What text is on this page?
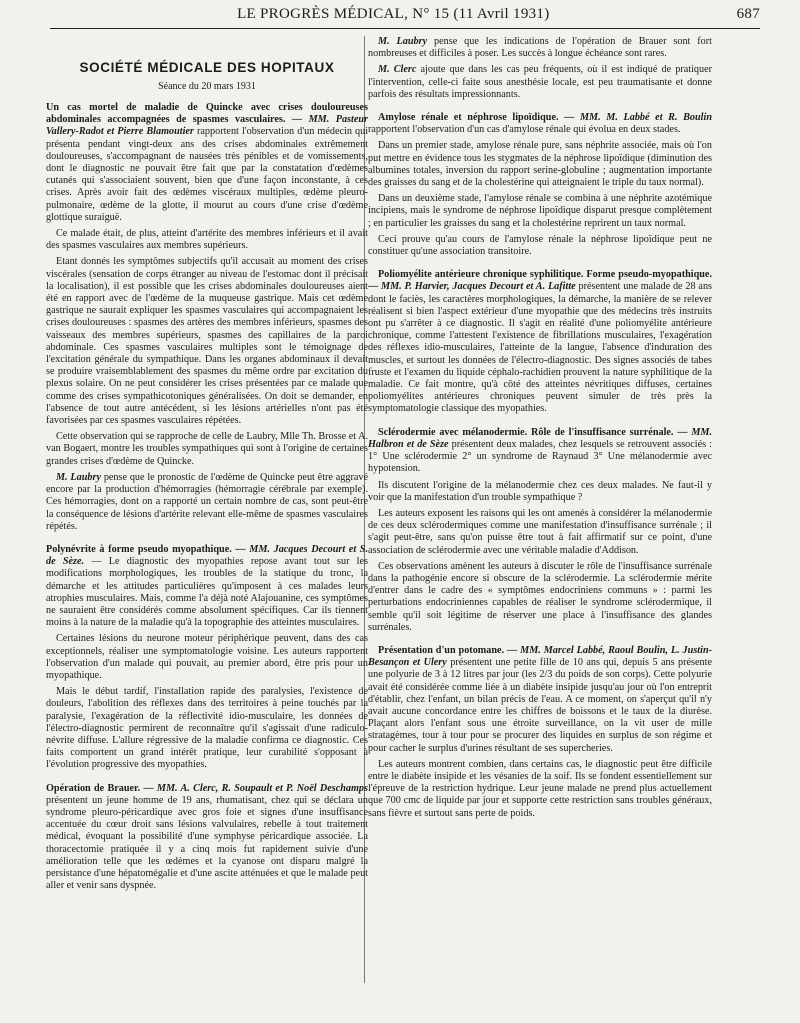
LE PROGRÈS MÉDICAL, N° 15 (11 Avril 1931)	687
SOCIÉTÉ MÉDICALE DES HOPITAUX
Séance du 20 mars 1931

Un cas mortel de maladie de Quincke avec crises douloureuses abdominales accompagnées de spasmes vasculaires. — MM. Pasteur Vallery-Radot et Pierre Blamoutier rapportent l'observation d'un médecin qui présenta pendant vingt-deux ans des crises abdominales extrêmement douloureuses, s'accompagnant de nausées très pénibles et de vomissements, dont le diagnostic ne pouvait être fait que par la constatation d'œdèmes cutanés qui s'associaient souvent, bien que d'une façon inconstante, à ces crises. Après avoir fait des œdèmes viscéraux multiples, œdème pleuro-pulmonaire, œdème de la glotte, il mourut au cours d'une crise d'œdème glottique suraiguë.

Ce malade était, de plus, atteint d'artérite des membres inférieurs et il avait des spasmes vasculaires aux membres supérieurs.

Etant donnés les symptômes subjectifs qu'il accusait au moment des crises viscérales (sensation de corps étranger au niveau de l'estomac dont il précisait la localisation), il est possible que les crises abdominales douloureuses aient été en rapport avec de l'œdème de la muqueuse gastrique. Mais cet œdème gastrique ne saurait expliquer les spasmes vasculaires qui accompagnaient les crises douloureuses : spasmes des artères des membres inférieurs, spasmes des vaisseaux des membres supérieurs, spasmes des capillaires de la paroi abdominale. Ces spasmes vasculaires multiples sont le témoignage de l'excitation générale du sympathique. Dans les organes abdominaux il devait se produire vraisemblablement des spasmes du même ordre par excitation du plexus solaire. On ne peut considérer les crises présentées par ce malade que comme des crises sympathicotoniques généralisées. On doit se demander, en l'absence de tout autre antécédent, si les lésions artérielles n'ont pas été favorisées par ces spasmes vasculaires répétées.

Cette observation qui se rapproche de celle de Laubry, Mlle Th. Brosse et A. van Bogaert, montre les troubles sympathiques qui sont à l'origine de certaines grandes crises d'œdème de Quincke.

M. Laubry pense que le pronostic de l'œdème de Quincke peut être aggravé encore par la production d'hémorragies (hémorragie cérébrale par exemple). Ces hémorragies, dont on a rapporté un certain nombre de cas, sont peut-être la conséquence de lésions d'artérite relevant elle-même de spasmes vasculaires répétés.

Polynévrite à forme pseudo myopathique. — MM. Jacques Decourt et S. de Sèze. — Le diagnostic des myopathies repose avant tout sur les modifications morphologiques, les troubles de la statique du tronc, la démarche et les attitudes particulières qu'imposent à ces malades leurs atrophies musculaires. Mais, comme l'a déjà noté Alajouanine, ces symptômes ne sauraient être considérés comme absolument spécifiques. Car ils tiennent moins à la nature de la maladie qu'à la topographie des atteintes musculaires.

Certaines lésions du neurone moteur périphérique peuvent, dans des cas exceptionnels, réaliser une symptomatologie voisine. Les auteurs rapportent l'observation d'un malade qui pouvait, au premier abord, être pris pour un myopathique.

Mais le début tardif, l'installation rapide des paralysies, l'existence de douleurs, l'abolition des réflexes dans des territoires à peine touchés par la paralysie, l'exagération de la réflectivité idio-musculaire, les données de l'électro-diagnostic permirent de reconnaître qu'il s'agissait d'une radiculo-névrite diffuse. L'allure régressive de la maladie confirma ce diagnostic. Ces faits comportent un grand intérêt pratique, leur curabilité s'opposant à l'évolution progressive des myopathies.

Opération de Brauer. — MM. A. Clerc, R. Soupault et P. Noël Deschamps présentent un jeune homme de 19 ans, rhumatisant, chez qui se déclara un syndrome pleuro-péricardique avec gros foie et signes d'une insuffisance accentuée du cœur droit sans lésions valvulaires, rebelle à tout traitement médical, évoquant la possibilité d'une symphyse péricardique associée. La thoracectomie pratiquée il y a cinq mois fut rapidement suivie d'une amélioration telle que les œdèmes et la cyanose ont disparu malgré la persistance d'une hépatomégalie et d'une ascite atténuées et que le malade peut aller et venir sans dyspnée.

M. Laubry pense que les indications de l'opération de Brauer sont fort nombreuses et difficiles à poser. Les succès à longue échéance sont rares.

M. Clerc ajoute que dans les cas peu fréquents, où il est indiqué de pratiquer l'intervention, celle-ci faite sous anesthésie locale, est peu traumatisante et donne parfois des résultats impressionnants.

Amylose rénale et néphrose lipoïdique. — MM. M. Labbé et R. Boulin rapportent l'observation d'un cas d'amylose rénale qui évolua en deux stades.

Dans un premier stade, amylose rénale pure, sans néphrite associée, mais où l'on put mettre en évidence tous les stygmates de la néphrose lipoïdique (diminution des albumines totales, inversion du rapport serine-globuline ; augmentation importante des graisses du sang et de la cholestérine qui atteignaient le triple du taux normal).

Dans un deuxième stade, l'amylose rénale se combina à une néphrite azotémique incipiens, mais le syndrome de néphrose lipoïdique disparut presque complètement ; en particulier les graisses du sang et la cholestérine reprirent un taux normal.

Ceci prouve qu'au cours de l'amylose rénale la néphrose lipoïdique peut ne constituer qu'une association transitoire.

Poliomyélite antérieure chronique syphilitique. Forme pseudo-myopathique. — MM. P. Harvier, Jacques Decourt et A. Lafitte présentent une malade de 28 ans dont le faciès, les caractères morphologiques, la démarche, la manière de se relever réalisent si bien l'aspect extérieur d'une myopathie que des médecins très instruits ont pu s'arrêter à ce diagnostic. Il s'agit en réalité d'une poliomyélite antérieure chronique, comme l'attestent l'existence de fibrillations musculaires, l'exagération des réflexes idio-musculaires, l'atteinte de la langue, l'absence d'induration des muscles, et surtout les données de l'électro-diagnostic. Des signes associés de tabes fruste et l'examen du liquide céphalo-rachidien prouvent la nature syphilitique de la maladie. Ce fait montre, qu'à côté des atteintes névritiques diffuses, certaines poliomyélites antérieures chroniques peuvent simuler de très près la symptomatologie classique des myopathies.

Sclérodermie avec mélanodermie. Rôle de l'insuffisance surrénale. — MM. Halbron et de Sèze présentent deux malades, chez lesquels se retrouvent associés : 1° Une sclérodermie 2° un syndrome de Raynaud 3° Une mélanodermie avec hypotension.

Ils discutent l'origine de la mélanodermie chez ces deux malades. Ne faut-il y voir que la manifestation d'un trouble sympathique ?

Les auteurs exposent les raisons qui les ont amenés à considérer la mélanodermie de ces deux sclérodermiques comme une manifestation d'insuffisance surrénale ; il s'agit peut-être, sans qu'on puisse être tout à fait affirmatif sur ce point, d'une association de sclérodermie avec une véritable maladie d'Addison.

Ces observations amènent les auteurs à discuter le rôle de l'insuffisance surrénale dans la pathogénie encore si obscure de la sclérodermie. La sclérodermie mérite d'entrer dans le cadre des « symptômes endocriniens communs » : parmi les perturbations endocriniennes capables de réaliser le syndrome sclérodermique, il semble qu'il soit légitime de réserver une place à l'insuffisance des glandes surrénales.

Présentation d'un potomane. — MM. Marcel Labbé, Raoul Boulin, L. Justin-Besançon et Ulery présentent une petite fille de 10 ans qui, depuis 5 ans présente une polyurie de 3 à 12 litres par jour (les 2/3 du poids de son corps). Cette polyurie avait été considérée comme liée à un diabète insipide jusqu'au jour où l'on entreprit d'établir, chez l'enfant, un bilan précis de l'eau. A ce moment, on s'aperçut qu'il n'y avait aucune concordance entre les chiffres de boissons et le taux de la diurèse. Plaçant alors l'enfant sous une étroite surveillance, on la vit user de mille stratagèmes, tour à tour pour se procurer des liquides en surplus de son régime et pour cacher le surplus d'urines résultant de ses supercheries.

Les auteurs montrent combien, dans certains cas, le diagnostic peut être difficile entre le diabète insipide et les vésanies de la soif. Ils se fondent essentiellement sur l'épreuve de la restriction hydrique. Leur jeune malade ne prend plus actuellement que 700 cmc de liquide par jour et supporte cette restriction sans troubles généraux, sans fièvre et surtout sans perte de poids.
